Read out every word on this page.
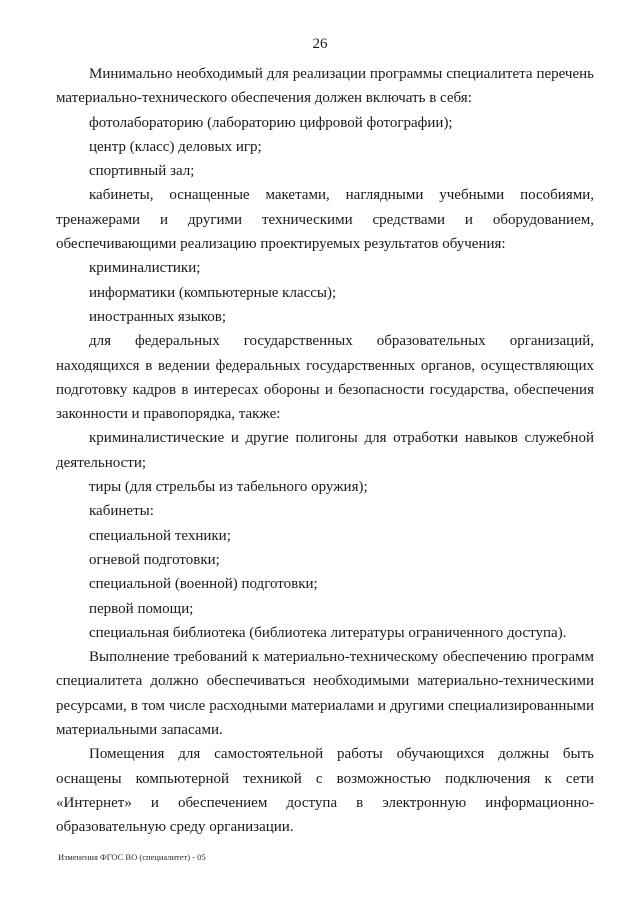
26

Минимально необходимый для реализации программы специалитета перечень материально-технического обеспечения должен включать в себя:

фотолабораторию (лабораторию цифровой фотографии);

центр (класс) деловых игр;

спортивный зал;

кабинеты, оснащенные макетами, наглядными учебными пособиями, тренажерами и другими техническими средствами и оборудованием, обеспечивающими реализацию проектируемых результатов обучения:

криминалистики;

информатики (компьютерные классы);

иностранных языков;

для федеральных государственных образовательных организаций, находящихся в ведении федеральных государственных органов, осуществляющих подготовку кадров в интересах обороны и безопасности государства, обеспечения законности и правопорядка, также:

криминалистические и другие полигоны для отработки навыков служебной деятельности;

тиры (для стрельбы из табельного оружия);

кабинеты:

специальной техники;

огневой подготовки;

специальной (военной) подготовки;

первой помощи;

специальная библиотека (библиотека литературы ограниченного доступа).

Выполнение требований к материально-техническому обеспечению программ специалитета должно обеспечиваться необходимыми материально-техническими ресурсами, в том числе расходными материалами и другими специализированными материальными запасами.

Помещения для самостоятельной работы обучающихся должны быть оснащены компьютерной техникой с возможностью подключения к сети «Интернет» и обеспечением доступа в электронную информационно-образовательную среду организации.

Изменения ФГОС ВО (специалитет) - 05
